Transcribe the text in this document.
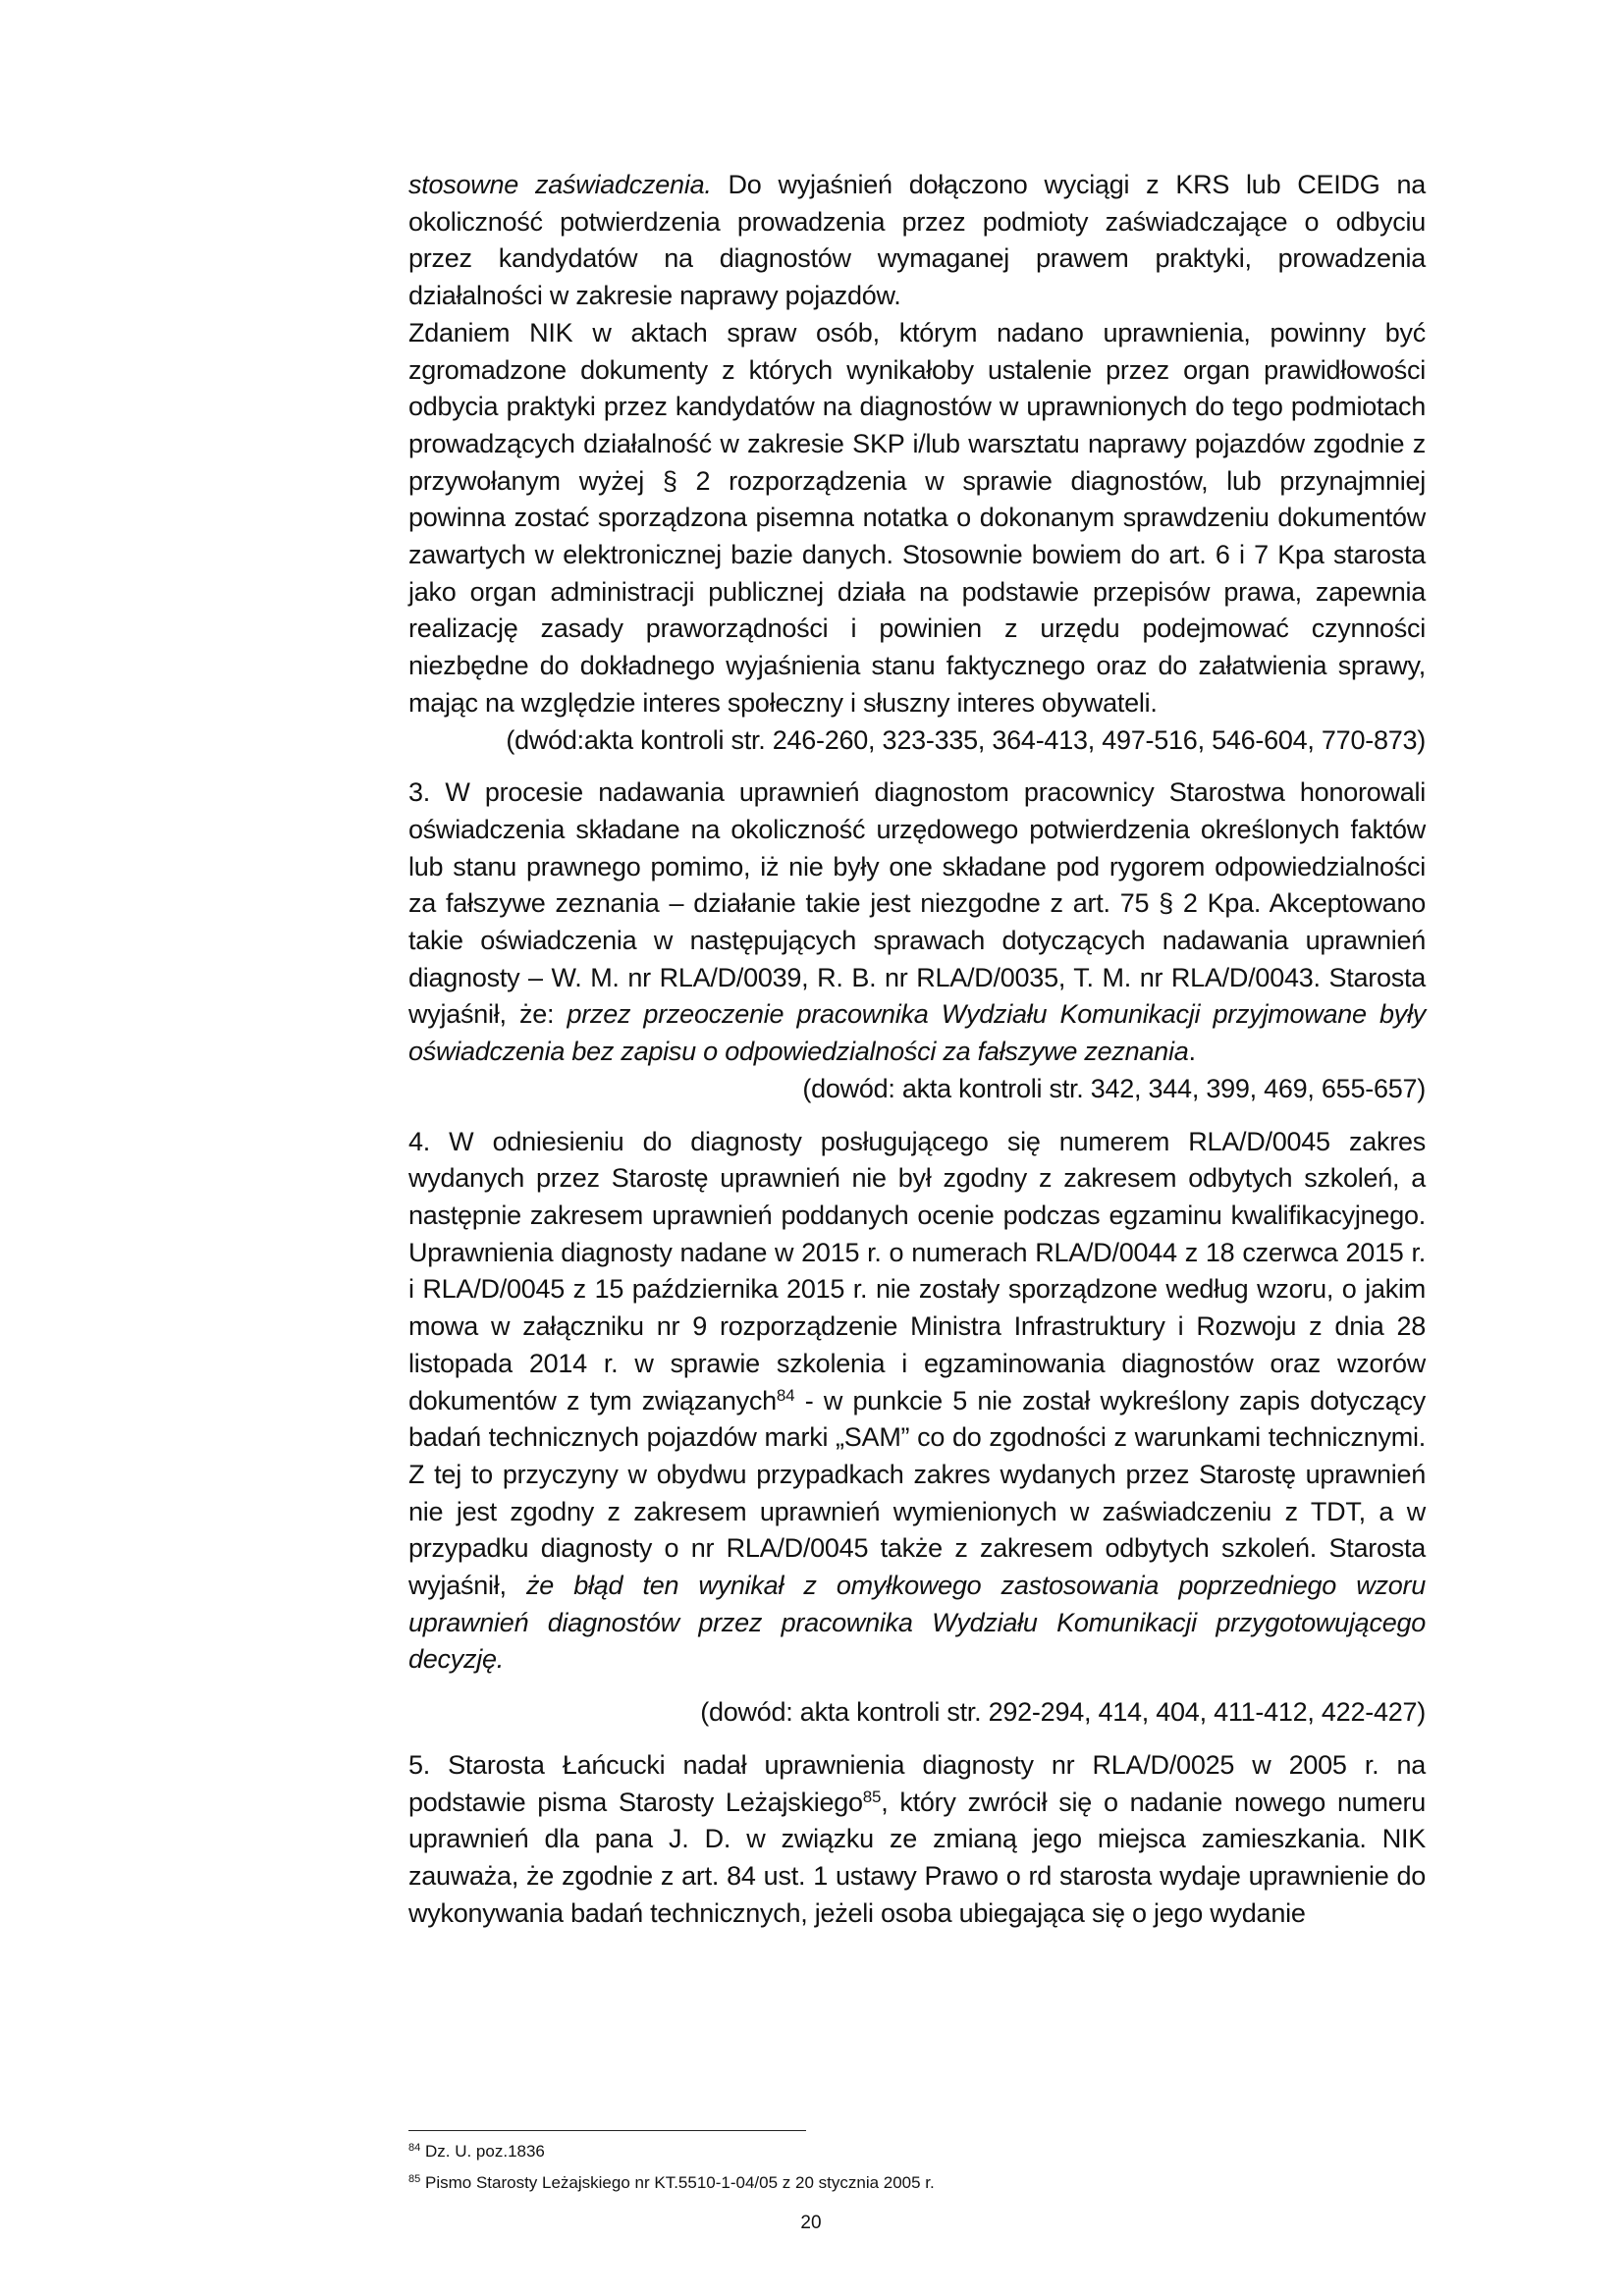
stosowne zaświadczenia. Do wyjaśnień dołączono wyciągi z KRS lub CEIDG na okoliczność potwierdzenia prowadzenia przez podmioty zaświadczające o odbyciu przez kandydatów na diagnostów wymaganej prawem praktyki, prowadzenia działalności w zakresie naprawy pojazdów.

Zdaniem NIK w aktach spraw osób, którym nadano uprawnienia, powinny być zgromadzone dokumenty z których wynikałoby ustalenie przez organ prawidłowości odbycia praktyki przez kandydatów na diagnostów w uprawnionych do tego podmiotach prowadzących działalność w zakresie SKP i/lub warsztatu naprawy pojazdów zgodnie z przywołanym wyżej § 2 rozporządzenia w sprawie diagnostów, lub przynajmniej powinna zostać sporządzona pisemna notatka o dokonanym sprawdzeniu dokumentów zawartych w elektronicznej bazie danych. Stosownie bowiem do art. 6 i 7 Kpa starosta jako organ administracji publicznej działa na podstawie przepisów prawa, zapewnia realizację zasady praworządności i powinien z urzędu podejmować czynności niezbędne do dokładnego wyjaśnienia stanu faktycznego oraz do załatwienia sprawy, mając na względzie interes społeczny i słuszny interes obywateli.

(dwód:akta kontroli str. 246-260, 323-335, 364-413, 497-516, 546-604, 770-873)

3. W procesie nadawania uprawnień diagnostom pracownicy Starostwa honorowali oświadczenia składane na okoliczność urzędowego potwierdzenia określonych faktów lub stanu prawnego pomimo, iż nie były one składane pod rygorem odpowiedzialności za fałszywe zeznania – działanie takie jest niezgodne z art. 75 § 2 Kpa. Akceptowano takie oświadczenia w następujących sprawach dotyczących nadawania uprawnień diagnosty – W. M. nr RLA/D/0039, R. B. nr RLA/D/0035, T. M. nr RLA/D/0043. Starosta wyjaśnił, że: przez przeoczenie pracownika Wydziału Komunikacji przyjmowane były oświadczenia bez zapisu o odpowiedzialności za fałszywe zeznania.

(dowód: akta kontroli str. 342, 344, 399, 469, 655-657)

4. W odniesieniu do diagnosty posługującego się numerem RLA/D/0045 zakres wydanych przez Starostę uprawnień nie był zgodny z zakresem odbytych szkoleń, a następnie zakresem uprawnień poddanych ocenie podczas egzaminu kwalifikacyjnego. Uprawnienia diagnosty nadane w 2015 r. o numerach RLA/D/0044 z 18 czerwca 2015 r. i RLA/D/0045 z 15 października 2015 r. nie zostały sporządzone według wzoru, o jakim mowa w załączniku nr 9 rozporządzenie Ministra Infrastruktury i Rozwoju z dnia 28 listopada 2014 r. w sprawie szkolenia i egzaminowania diagnostów oraz wzorów dokumentów z tym związanych$^{84}$ - w punkcie 5 nie został wykreślony zapis dotyczący badań technicznych pojazdów marki „SAM” co do zgodności z warunkami technicznymi. Z tej to przyczyny w obydwu przypadkach zakres wydanych przez Starostę uprawnień nie jest zgodny z zakresem uprawnień wymienionych w zaświadczeniu z TDT, a w przypadku diagnosty o nr RLA/D/0045 także z zakresem odbytych szkoleń. Starosta wyjaśnił, że błąd ten wynikał z omyłkowego zastosowania poprzedniego wzoru uprawnień diagnostów przez pracownika Wydziału Komunikacji przygotowującego decyzję.

(dowód: akta kontroli str. 292-294, 414, 404, 411-412, 422-427)

5. Starosta Łańcucki nadał uprawnienia diagnosty nr RLA/D/0025 w 2005 r. na podstawie pisma Starosty Leżajskiego$^{85}$, który zwrócił się o nadanie nowego numeru uprawnień dla pana J. D. w związku ze zmianą jego miejsca zamieszkania. NIK zauważa, że zgodnie z art. 84 ust. 1 ustawy Prawo o rd starosta wydaje uprawnienie do wykonywania badań technicznych, jeżeli osoba ubiegająca się o jego wydanie

$^{84}$ Dz. U. poz.1836
$^{85}$ Pismo Starosty Leżajskiego nr KT.5510-1-04/05 z 20 stycznia 2005 r.
20
